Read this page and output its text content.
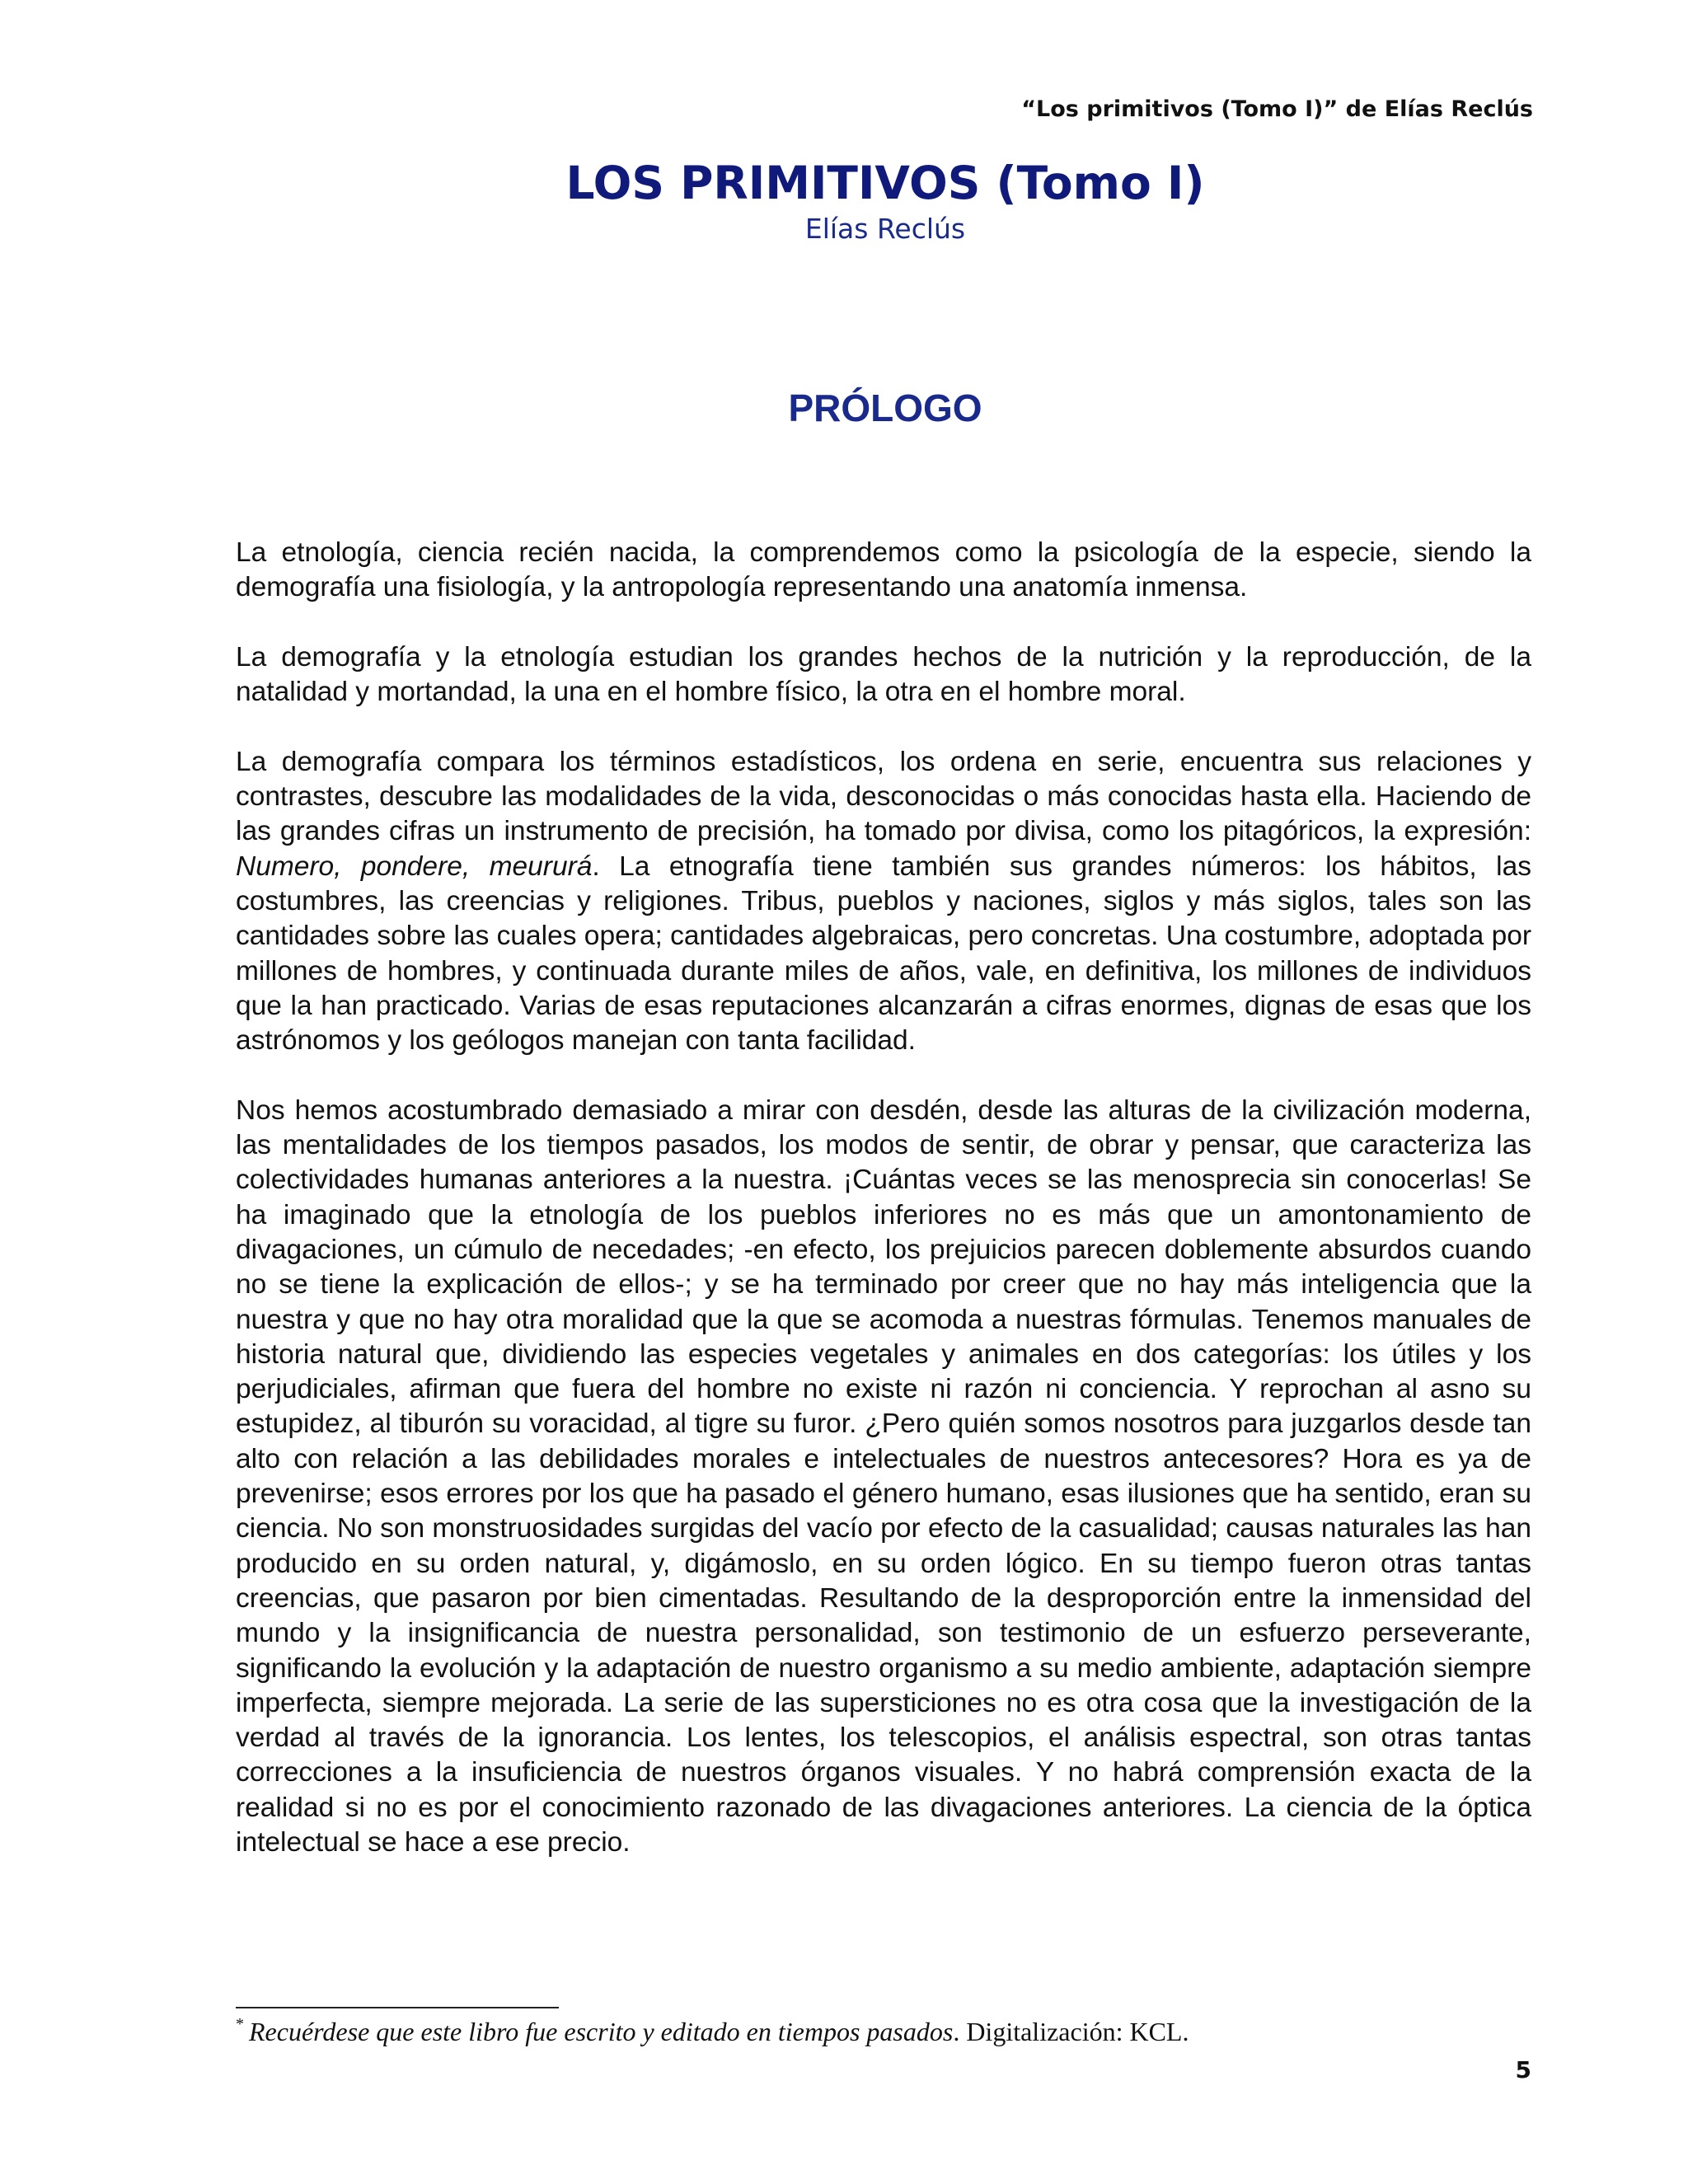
“Los primitivos (Tomo I)” de Elías Reclús
LOS PRIMITIVOS (Tomo I)
Elías Reclús
PRÓLOGO

La etnología, ciencia recién nacida, la comprendemos como la psicología de la especie, siendo la demografía una fisiología, y la antropología representando una anatomía inmensa.

La demografía y la etnología estudian los grandes hechos de la nutrición y la reproducción, de la natalidad y mortandad, la una en el hombre físico, la otra en el hombre moral.

La demografía compara los términos estadísticos, los ordena en serie, encuentra sus relaciones y contrastes, descubre las modalidades de la vida, desconocidas o más conocidas hasta ella. Haciendo de las grandes cifras un instrumento de precisión, ha tomado por divisa, como los pitagóricos, la expresión: Numero, pondere, meururá. La etnografía tiene también sus grandes números: los hábitos, las costumbres, las creencias y religiones. Tribus, pueblos y naciones, siglos y más siglos, tales son las cantidades sobre las cuales opera; cantidades algebraicas, pero concretas. Una costumbre, adoptada por millones de hombres, y continuada durante miles de años, vale, en definitiva, los millones de individuos que la han practicado. Varias de esas reputaciones alcanzarán a cifras enormes, dignas de esas que los astrónomos y los geólogos manejan con tanta facilidad.

Nos hemos acostumbrado demasiado a mirar con desdén, desde las alturas de la civilización moderna, las mentalidades de los tiempos pasados, los modos de sentir, de obrar y pensar, que caracteriza las colectividades humanas anteriores a la nuestra. ¡Cuántas veces se las menosprecia sin conocerlas! Se ha imaginado que la etnología de los pueblos inferiores no es más que un amontonamiento de divagaciones, un cúmulo de necedades; -en efecto, los prejuicios parecen doblemente absurdos cuando no se tiene la explicación de ellos-; y se ha terminado por creer que no hay más inteligencia que la nuestra y que no hay otra moralidad que la que se acomoda a nuestras fórmulas. Tenemos manuales de historia natural que, dividiendo las especies vegetales y animales en dos categorías: los útiles y los perjudiciales, afirman que fuera del hombre no existe ni razón ni conciencia. Y reprochan al asno su estupidez, al tiburón su voracidad, al tigre su furor. ¿Pero quién somos nosotros para juzgarlos desde tan alto con relación a las debilidades morales e intelectuales de nuestros antecesores? Hora es ya de prevenirse; esos errores por los que ha pasado el género humano, esas ilusiones que ha sentido, eran su ciencia. No son monstruosidades surgidas del vacío por efecto de la casualidad; causas naturales las han producido en su orden natural, y, digámoslo, en su orden lógico. En su tiempo fueron otras tantas creencias, que pasaron por bien cimentadas. Resultando de la desproporción entre la inmensidad del mundo y la insignificancia de nuestra personalidad, son testimonio de un esfuerzo perseverante, significando la evolución y la adaptación de nuestro organismo a su medio ambiente, adaptación siempre imperfecta, siempre mejorada. La serie de las supersticiones no es otra cosa que la investigación de la verdad al través de la ignorancia. Los lentes, los telescopios, el análisis espectral, son otras tantas correcciones a la insuficiencia de nuestros órganos visuales. Y no habrá comprensión exacta de la realidad si no es por el conocimiento razonado de las divagaciones anteriores. La ciencia de la óptica intelectual se hace a ese precio.

* Recuérdese que este libro fue escrito y editado en tiempos pasados. Digitalización: KCL.
5
